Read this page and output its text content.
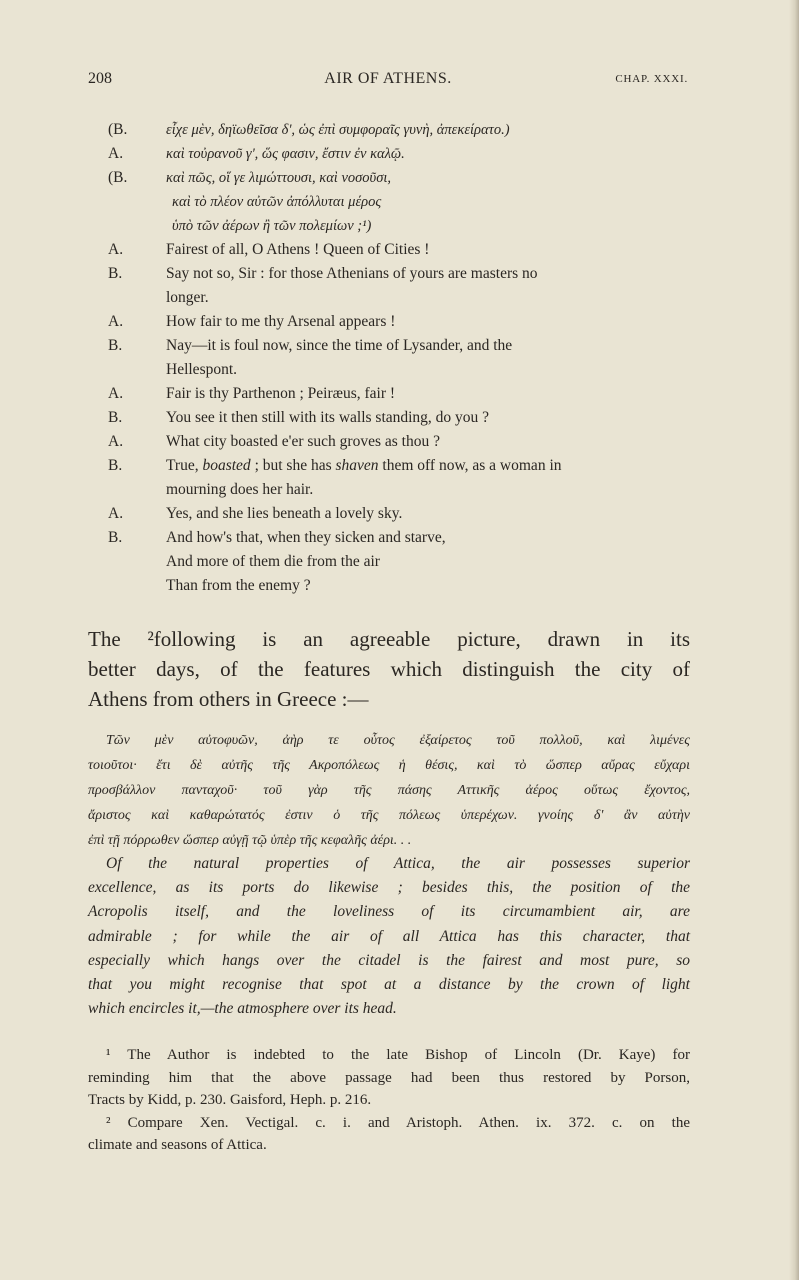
208	AIR OF ATHENS.	CHAP. XXXI.
(B.	εἶχε μὲν, δηϊωθεῖσα δ', ὡς ἐπὶ συμφοραῖς γυνὴ, ἀπεκείρατο.)
A.	καὶ τοὐρανοῦ γ', ὥς φασιν, ἔστιν ἐν καλῷ.
(B.	καὶ πῶς, οἵ γε λιμώττουσι, καὶ νοσοῦσι,
καὶ τὸ πλέον αὐτῶν ἀπόλλυται μέρος
ὑπὸ τῶν ἀέρων ἢ τῶν πολεμίων ;¹)
A.	Fairest of all, O Athens ! Queen of Cities !
B.	Say not so, Sir : for those Athenians of yours are masters no
longer.
A.	How fair to me thy Arsenal appears !
B.	Nay—it is foul now, since the time of Lysander, and the
Hellespont.
A.	Fair is thy Parthenon ; Peiræus, fair !
B.	You see it then still with its walls standing, do you ?
A.	What city boasted e'er such groves as thou ?
B.	True, boasted ; but she has shaven them off now, as a woman in
mourning does her hair.
A.	Yes, and she lies beneath a lovely sky.
B.	And how's that, when they sicken and starve,
And more of them die from the air
Than from the enemy ?
The ²following is an agreeable picture, drawn in its
better days, of the features which distinguish the city of
Athens from others in Greece :—
Τῶν μὲν αὐτοφυῶν, ἀὴρ τε οὗτος ἐξαίρετος τοῦ πολλοῦ, καὶ λιμένες
τοιοῦτοι· ἔτι δὲ αὐτῆς τῆς Ακροπόλεως ἡ θέσις, καὶ τὸ ὥσπερ αὔρας εὔχαρι
προσβάλλον πανταχοῦ· τοῦ γὰρ τῆς πάσης Αττικῆς ἀέρος οὕτως ἔχοντος,
ἄριστος καὶ καθαρώτατός ἐστιν ὁ τῆς πόλεως ὑπερέχων. γνοίης δ' ἂν αὐτὴν
ἐπὶ τῇ πόρρωθεν ὥσπερ αὐγῇ τῷ ὑπὲρ τῆς κεφαλῆς ἀέρι. . .
Of the natural properties of Attica, the air possesses superior
excellence, as its ports do likewise ; besides this, the position of the
Acropolis itself, and the loveliness of its circumambient air, are
admirable ; for while the air of all Attica has this character, that
especially which hangs over the citadel is the fairest and most pure, so
that you might recognise that spot at a distance by the crown of light
which encircles it,—the atmosphere over its head.
¹ The Author is indebted to the late Bishop of Lincoln (Dr. Kaye) for
reminding him that the above passage had been thus restored by Porson,
Tracts by Kidd, p. 230. Gaisford, Heph. p. 216.
² Compare Xen. Vectigal. c. i. and Aristoph. Athen. ix. 372. c. on the
climate and seasons of Attica.
